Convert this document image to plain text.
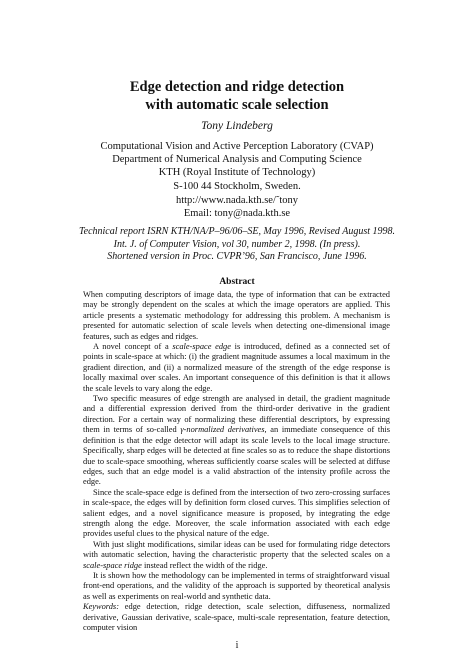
Edge detection and ridge detection
with automatic scale selection
Tony Lindeberg
Computational Vision and Active Perception Laboratory (CVAP)
Department of Numerical Analysis and Computing Science
KTH (Royal Institute of Technology)
S-100 44 Stockholm, Sweden.
http://www.nada.kth.se/˜tony
Email: tony@nada.kth.se
Technical report ISRN KTH/NA/P–96/06–SE, May 1996, Revised August 1998.
Int. J. of Computer Vision, vol 30, number 2, 1998. (In press).
Shortened version in Proc. CVPR’96, San Francisco, June 1996.
Abstract

When computing descriptors of image data, the type of information that can be extracted may be strongly dependent on the scales at which the image operators are applied. This article presents a systematic methodology for addressing this problem. A mechanism is presented for automatic selection of scale levels when detecting one-dimensional image features, such as edges and ridges.

A novel concept of a scale-space edge is introduced, defined as a connected set of points in scale-space at which: (i) the gradient magnitude assumes a local maximum in the gradient direction, and (ii) a normalized measure of the strength of the edge response is locally maximal over scales. An important consequence of this definition is that it allows the scale levels to vary along the edge.

Two specific measures of edge strength are analysed in detail, the gradient magnitude and a differential expression derived from the third-order derivative in the gradient direction. For a certain way of normalizing these differential descriptors, by expressing them in terms of so-called γ-normalized derivatives, an immediate consequence of this definition is that the edge detector will adapt its scale levels to the local image structure. Specifically, sharp edges will be detected at fine scales so as to reduce the shape distortions due to scale-space smoothing, whereas sufficiently coarse scales will be selected at diffuse edges, such that an edge model is a valid abstraction of the intensity profile across the edge.

Since the scale-space edge is defined from the intersection of two zero-crossing surfaces in scale-space, the edges will by definition form closed curves. This simplifies selection of salient edges, and a novel significance measure is proposed, by integrating the edge strength along the edge. Moreover, the scale information associated with each edge provides useful clues to the physical nature of the edge.

With just slight modifications, similar ideas can be used for formulating ridge detectors with automatic selection, having the characteristic property that the selected scales on a scale-space ridge instead reflect the width of the ridge.

It is shown how the methodology can be implemented in terms of straightforward visual front-end operations, and the validity of the approach is supported by theoretical analysis as well as experiments on real-world and synthetic data.

Keywords: edge detection, ridge detection, scale selection, diffuseness, normalized derivative, Gaussian derivative, scale-space, multi-scale representation, feature detection, computer vision

i
